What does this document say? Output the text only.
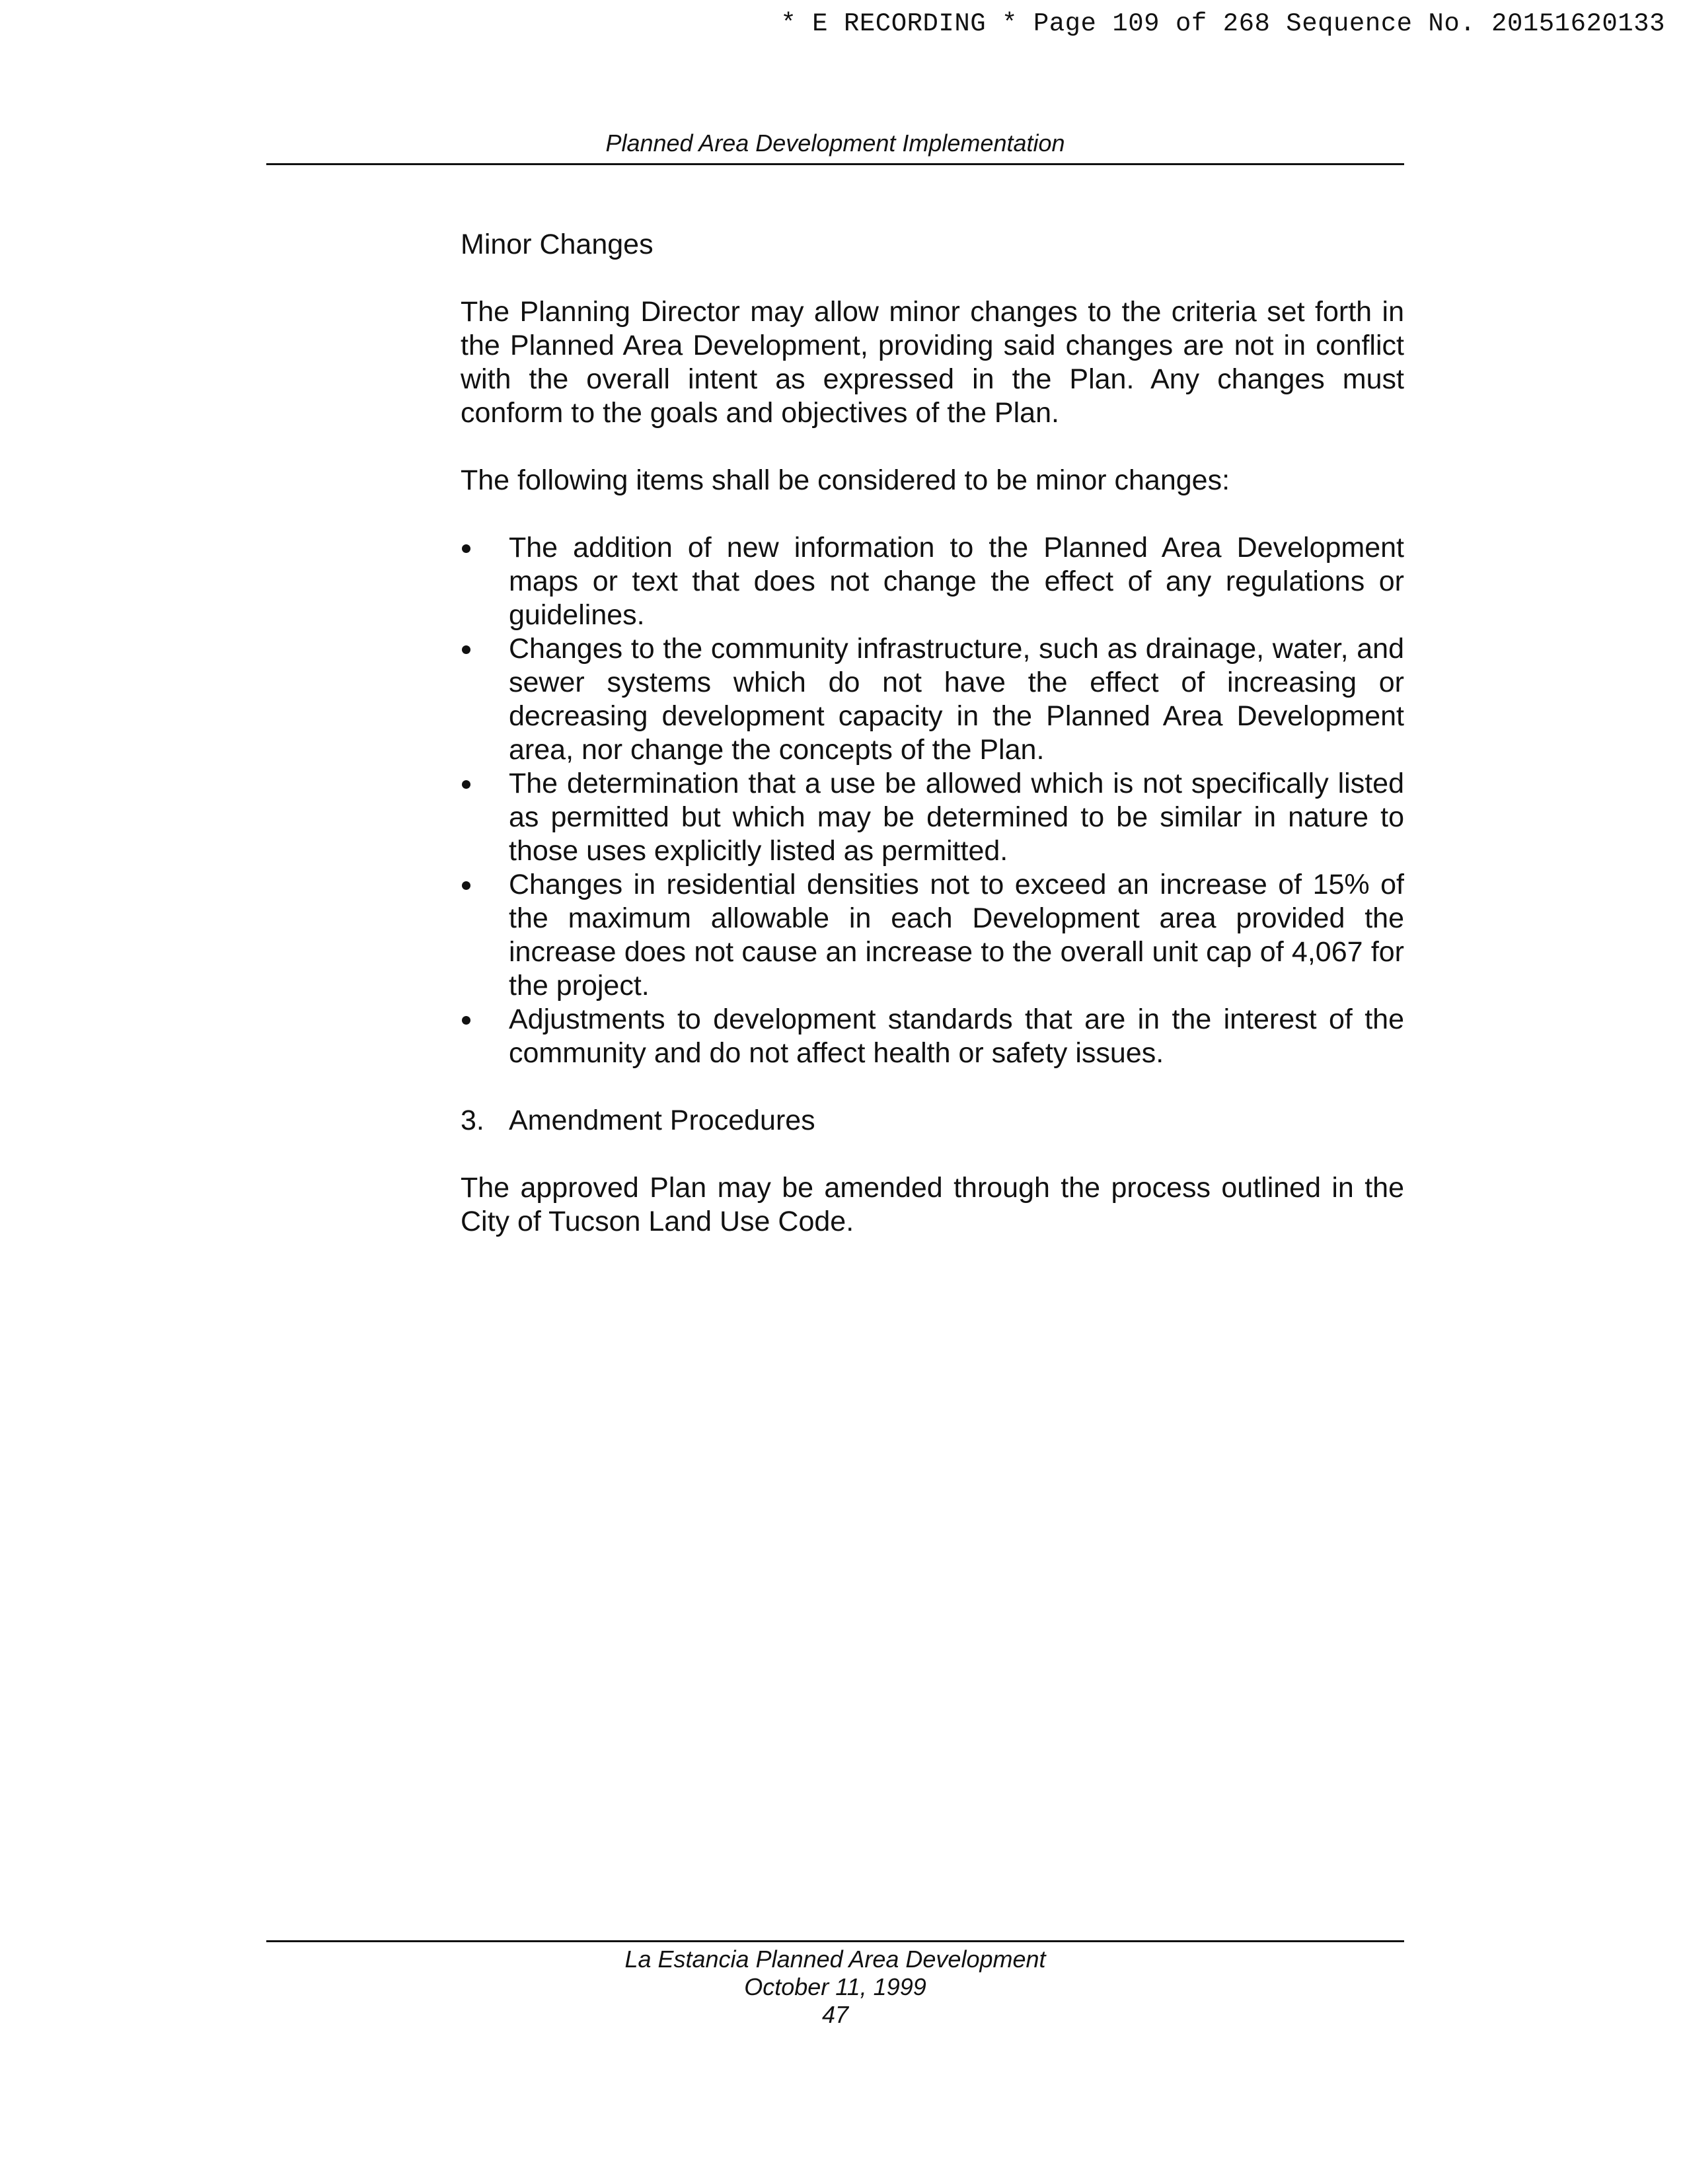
* E RECORDING * Page 109 of 268 Sequence No. 20151620133
Planned Area Development Implementation

Minor Changes

The Planning Director may allow minor changes to the criteria set forth in the Planned Area Development, providing said changes are not in conflict with the overall intent as expressed in the Plan. Any changes must conform to the goals and objectives of the Plan.

The following items shall be considered to be minor changes:

The addition of new information to the Planned Area Development maps or text that does not change the effect of any regulations or guidelines.
Changes to the community infrastructure, such as drainage, water, and sewer systems which do not have the effect of increasing or decreasing development capacity in the Planned Area Development area, nor change the concepts of the Plan.
The determination that a use be allowed which is not specifically listed as permitted but which may be determined to be similar in nature to those uses explicitly listed as permitted.
Changes in residential densities not to exceed an increase of 15% of the maximum allowable in each Development area provided the increase does not cause an increase to the overall unit cap of 4,067 for the project.
Adjustments to development standards that are in the interest of the community and do not affect health or safety issues.
3. Amendment Procedures

The approved Plan may be amended through the process outlined in the City of Tucson Land Use Code.

La Estancia Planned Area Development
October 11, 1999
47
